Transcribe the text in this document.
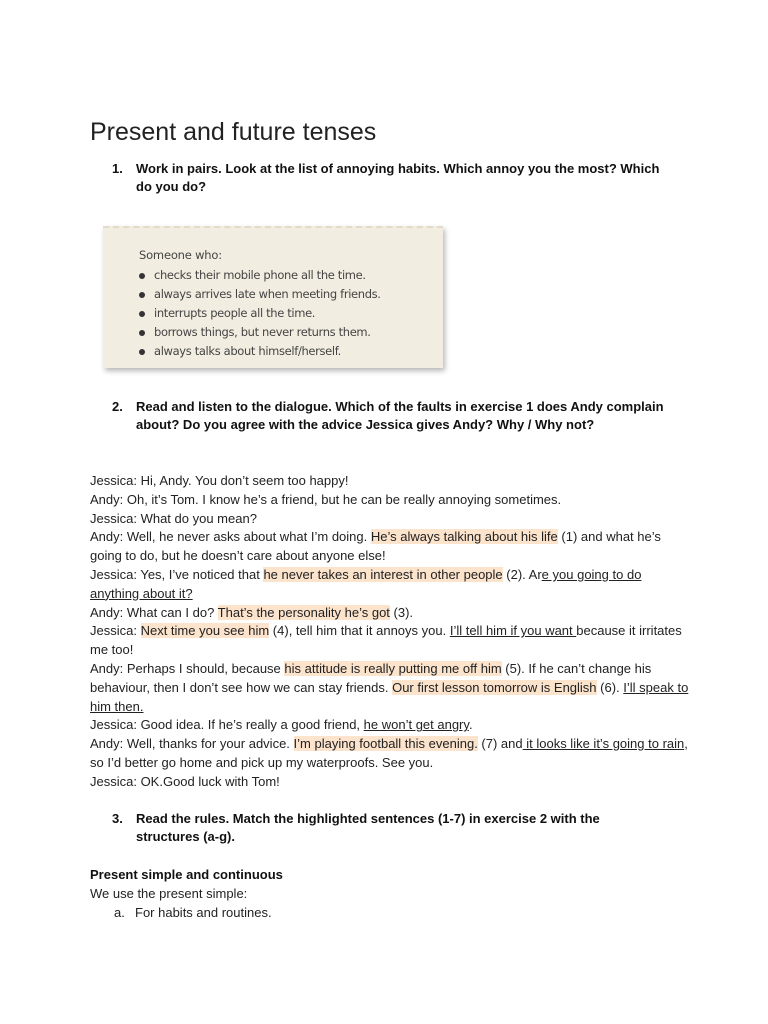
Present and future tenses
1. Work in pairs. Look at the list of annoying habits. Which annoy you the most? Which do you do?
Someone who:
checks their mobile phone all the time.
always arrives late when meeting friends.
interrupts people all the time.
borrows things, but never returns them.
always talks about himself/herself.
2. Read and listen to the dialogue. Which of the faults in exercise 1 does Andy complain about? Do you agree with the advice Jessica gives Andy? Why / Why not?

Jessica: Hi, Andy. You don’t seem too happy!

Andy: Oh, it’s Tom. I know he’s a friend, but he can be really annoying sometimes.

Jessica: What do you mean?

Andy: Well, he never asks about what I’m doing. He’s always talking about his life (1) and what he’s going to do, but he doesn’t care about anyone else!

Jessica: Yes, I’ve noticed that he never takes an interest in other people (2). Are you going to do anything about it?

Andy: What can I do? That’s the personality he’s got (3).

Jessica: Next time you see him (4), tell him that it annoys you. I’ll tell him if you want because it irritates me too!

Andy: Perhaps I should, because his attitude is really putting me off him (5). If he can’t change his behaviour, then I don’t see how we can stay friends. Our first lesson tomorrow is English (6). I’ll speak to him then.

Jessica: Good idea. If he’s really a good friend, he won’t get angry.

Andy: Well, thanks for your advice. I’m playing football this evening. (7) and it looks like it’s going to rain, so I’d better go home and pick up my waterproofs. See you.

Jessica: OK.Good luck with Tom!

3. Read the rules. Match the highlighted sentences (1-7) in exercise 2 with the structures (a-g).
Present simple and continuous
We use the present simple:
a. For habits and routines.
